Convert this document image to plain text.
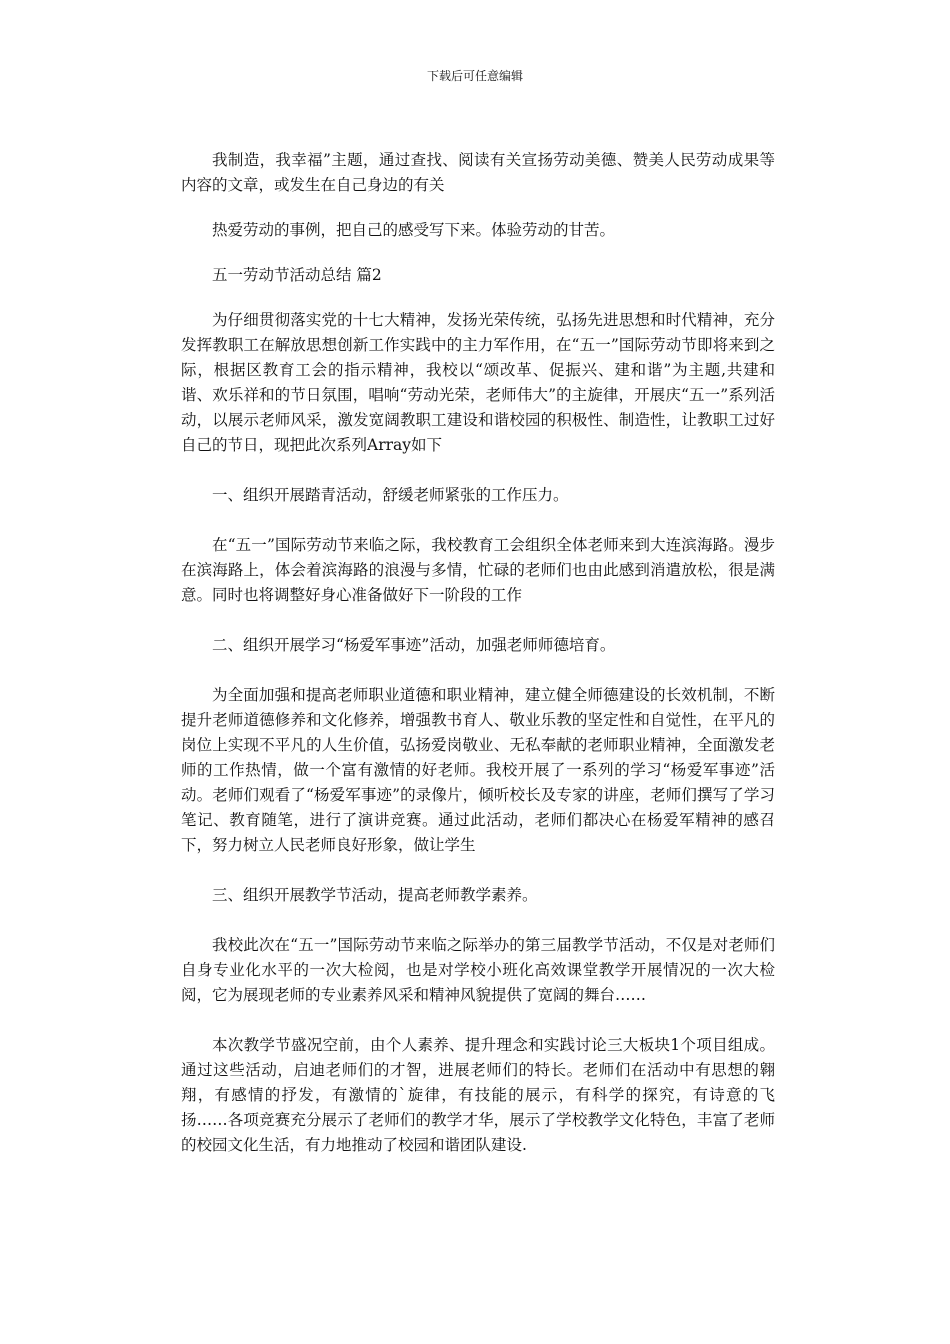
下载后可任意编辑

我制造，我幸福”主题，通过查找、阅读有关宣扬劳动美德、赞美人民劳动成果等内容的文章，或发生在自己身边的有关

热爱劳动的事例，把自己的感受写下来。体验劳动的甘苦。

五一劳动节活动总结 篇2

为仔细贯彻落实党的十七大精神，发扬光荣传统，弘扬先进思想和时代精神，充分发挥教职工在解放思想创新工作实践中的主力军作用，在“五一”国际劳动节即将来到之际，根据区教育工会的指示精神，我校以“颂改革、促振兴、建和谐”为主题,共建和谐、欢乐祥和的节日氛围，唱响“劳动光荣，老师伟大”的主旋律，开展庆“五一”系列活动，以展示老师风采，激发宽阔教职工建设和谐校园的积极性、制造性，让教职工过好自己的节日，现把此次系列Array如下

一、组织开展踏青活动，舒缓老师紧张的工作压力。

在“五一”国际劳动节来临之际，我校教育工会组织全体老师来到大连滨海路。漫步在滨海路上，体会着滨海路的浪漫与多情，忙碌的老师们也由此感到消遣放松，很是满意。同时也将调整好身心准备做好下一阶段的工作

二、组织开展学习“杨爱军事迹”活动，加强老师师德培育。

为全面加强和提高老师职业道德和职业精神，建立健全师德建设的长效机制，不断提升老师道德修养和文化修养，增强教书育人、敬业乐教的坚定性和自觉性，在平凡的岗位上实现不平凡的人生价值，弘扬爱岗敬业、无私奉献的老师职业精神，全面激发老师的工作热情，做一个富有激情的好老师。我校开展了一系列的学习“杨爱军事迹”活动。老师们观看了“杨爱军事迹”的录像片，倾听校长及专家的讲座，老师们撰写了学习笔记、教育随笔，进行了演讲竞赛。通过此活动，老师们都决心在杨爱军精神的感召下，努力树立人民老师良好形象，做让学生

三、组织开展教学节活动，提高老师教学素养。

我校此次在“五一”国际劳动节来临之际举办的第三届教学节活动，不仅是对老师们自身专业化水平的一次大检阅，也是对学校小班化高效课堂教学开展情况的一次大检阅，它为展现老师的专业素养风采和精神风貌提供了宽阔的舞台……

本次教学节盛况空前，由个人素养、提升理念和实践讨论三大板块1个项目组成。通过这些活动，启迪老师们的才智，进展老师们的特长。老师们在活动中有思想的翱翔，有感情的抒发，有激情的`旋律，有技能的展示，有科学的探究，有诗意的飞扬……各项竞赛充分展示了老师们的教学才华，展示了学校教学文化特色，丰富了老师的校园文化生活，有力地推动了校园和谐团队建设.
